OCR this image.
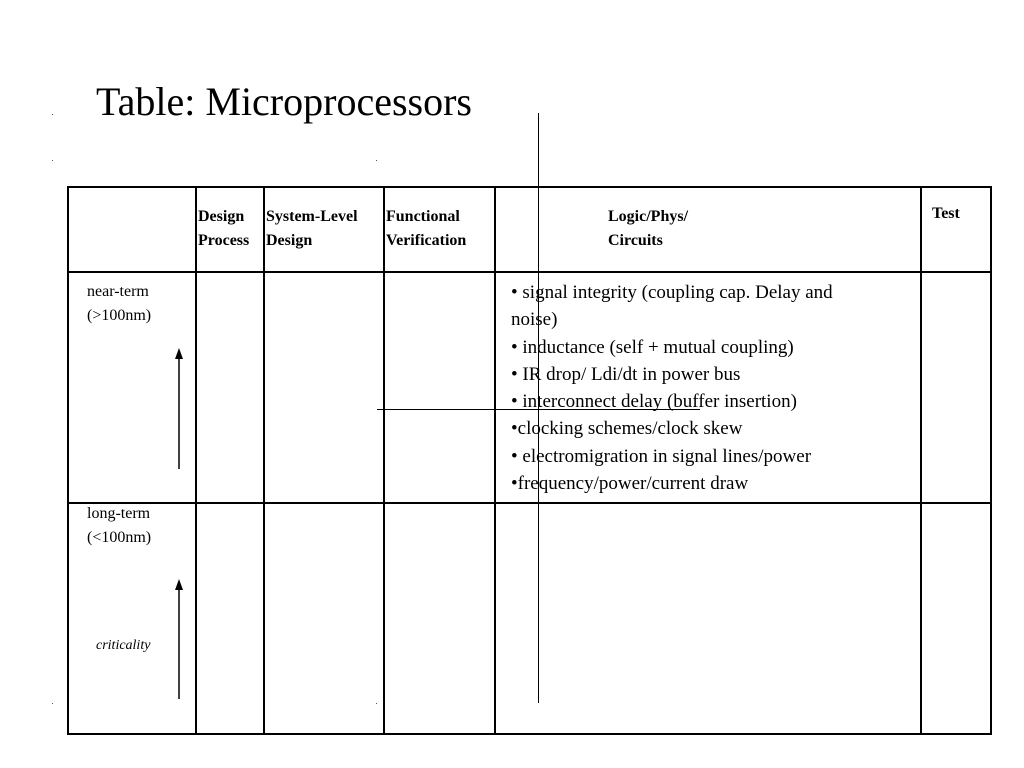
Table: Microprocessors
Design
Process
System-Level
Design
Functional
Verification
Logic/Phys/
Circuits
Test
near-term
(>100nm)
long-term
(<100nm)
• signal integrity (coupling cap. Delay and
noise)
• inductance (self + mutual coupling)
• IR drop/ Ldi/dt in power bus
• interconnect delay (buffer insertion)
•clocking schemes/clock skew
• electromigration in signal lines/power
•frequency/power/current draw
criticality
